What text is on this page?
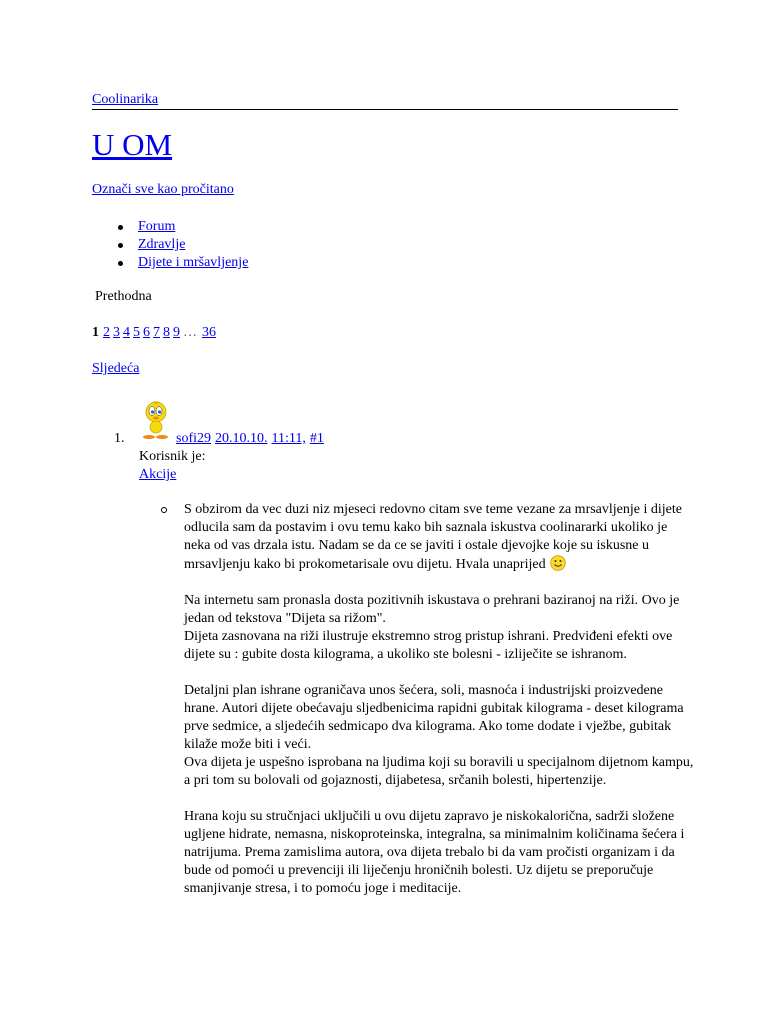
Coolinarika
U OM
Označi sve kao pročitano
Forum
Zdravlje
Dijete i mršavljenje
Prethodna
1 2 3 4 5 6 7 8 9 … 36
Sljedeća
1.	sofi29 20.10.10. 11:11, #1
Korisnik je:
Akcije

S obzirom da vec duzi niz mjeseci redovno citam sve teme vezane za mrsavljenje i dijete odlucila sam da postavim i ovu temu kako bih saznala iskustva coolinararki ukoliko je neka od vas drzala istu. Nadam se da ce se javiti i ostale djevojke koje su iskusne u mrsavljenju kako bi prokometarisale ovu dijetu. Hvala unaprijed

Na internetu sam pronasla dosta pozitivnih iskustava o prehrani baziranoj na riži. Ovo je jedan od tekstova "Dijeta sa rižom".

Dijeta zasnovana na riži ilustruje ekstremno strog pristup ishrani. Predviđeni efekti ove dijete su : gubite dosta kilograma, a ukoliko ste bolesni - izliječite se ishranom.

Detaljni plan ishrane ograničava unos šećera, soli, masnoća i industrijski proizvedene hrane. Autori dijete obećavaju sljedbenicima rapidni gubitak kilograma - deset kilograma prve sedmice, a sljedećih sedmicapo dva kilograma. Ako tome dodate i vježbe, gubitak kilaže može biti i veći.

Ova dijeta je uspešno isprobana na ljudima koji su boravili u specijalnom dijetnom kampu, a pri tom su bolovali od gojaznosti, dijabetesa, srčanih bolesti, hipertenzije.

Hrana koju su stručnjaci uključili u ovu dijetu zapravo je niskokalorična, sadrži složene ugljene hidrate, nemasna, niskoproteinska, integralna, sa minimalnim količinama šećera i natrijuma. Prema zamislima autora, ova dijeta trebalo bi da vam pročisti organizam i da bude od pomoći u prevenciji ili liječenju hroničnih bolesti. Uz dijetu se preporučuje smanjivanje stresa, i to pomoću joge i meditacije.
